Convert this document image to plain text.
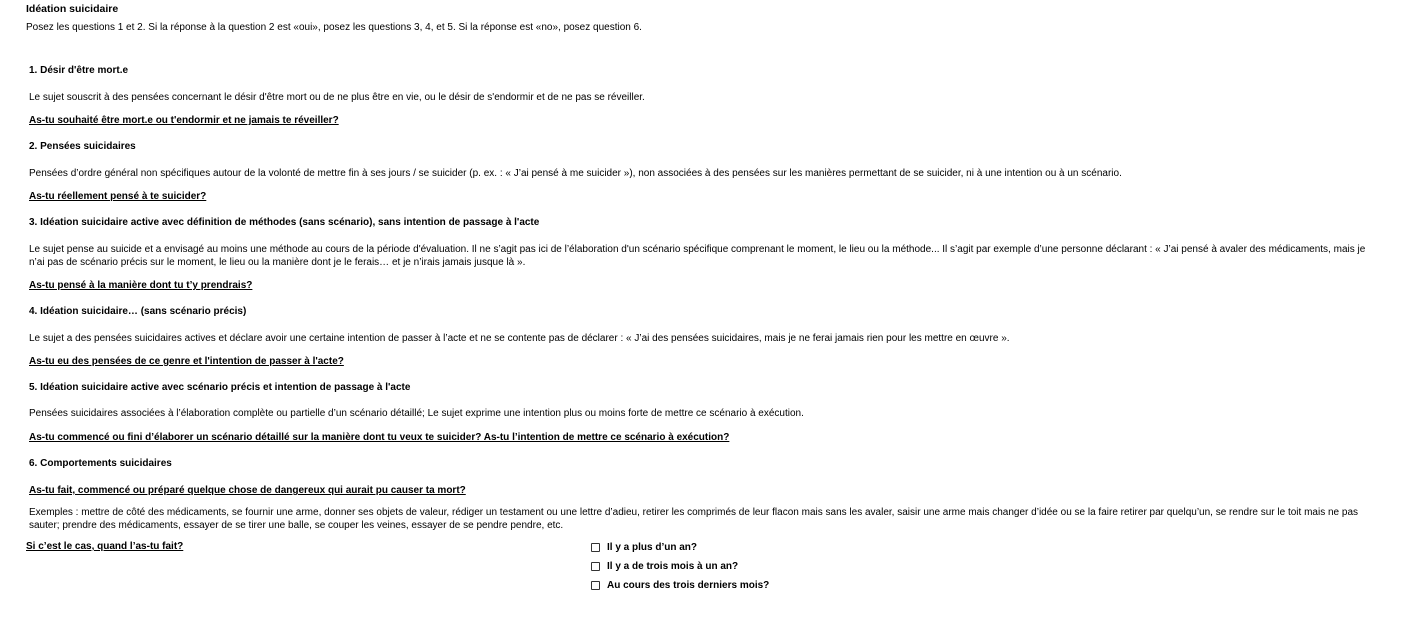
Idéation suicidaire
Posez les questions 1 et 2. Si la réponse à la question 2 est «oui», posez les questions 3, 4, et 5. Si la réponse est «no», posez question 6.

1. Désir d'être mort.e

Le sujet souscrit à des pensées concernant le désir d'être mort ou de ne plus être en vie, ou le désir de s'endormir et de ne pas se réveiller.

As-tu souhaité être mort.e ou t'endormir et ne jamais te réveiller?

2. Pensées suicidaires

Pensées d’ordre général non spécifiques autour de la volonté de mettre fin à ses jours / se suicider (p. ex. : « J’ai pensé à me suicider »), non associées à des pensées sur les manières permettant de se suicider, ni à une intention ou à un scénario.

As-tu réellement pensé à te suicider?

3. Idéation suicidaire active avec définition de méthodes (sans scénario), sans intention de passage à l'acte

Le sujet pense au suicide et a envisagé au moins une méthode au cours de la période d'évaluation. Il ne s’agit pas ici de l’élaboration d'un scénario spécifique comprenant le moment, le lieu ou la méthode... Il s’agit par exemple d’une personne déclarant : « J’ai pensé à avaler des médicaments, mais je n’ai pas de scénario précis sur le moment, le lieu ou la manière dont je le ferais… et je n’irais jamais jusque là ».

As-tu pensé à la manière dont tu t’y prendrais?

4. Idéation suicidaire… (sans scénario précis)

Le sujet a des pensées suicidaires actives et déclare avoir une certaine intention de passer à l’acte et ne se contente pas de déclarer : « J’ai des pensées suicidaires, mais je ne ferai jamais rien pour les mettre en œuvre ».

As-tu eu des pensées de ce genre et l'intention de passer à l'acte?

5. Idéation suicidaire active avec scénario précis et intention de passage à l'acte

Pensées suicidaires associées à l’élaboration complète ou partielle d’un scénario détaillé; Le sujet exprime une intention plus ou moins forte de mettre ce scénario à exécution.

As-tu commencé ou fini d’élaborer un scénario détaillé sur la manière dont tu veux te suicider? As-tu l’intention de mettre ce scénario à exécution?

6. Comportements suicidaires

As-tu fait, commencé ou préparé quelque chose de dangereux qui aurait pu causer ta mort?
Exemples : mettre de côté des médicaments, se fournir une arme, donner ses objets de valeur, rédiger un testament ou une lettre d’adieu, retirer les comprimés de leur flacon mais sans les avaler, saisir une arme mais changer d’idée ou se la faire retirer par quelqu’un, se rendre sur le toit mais ne pas sauter; prendre des médicaments, essayer de se tirer une balle, se couper les veines, essayer de se pendre pendre, etc.
Si c’est le cas, quand l’as-tu fait?	Il y a plus d’un an?
Il y a de trois mois à un an?
Au cours des trois derniers mois?
